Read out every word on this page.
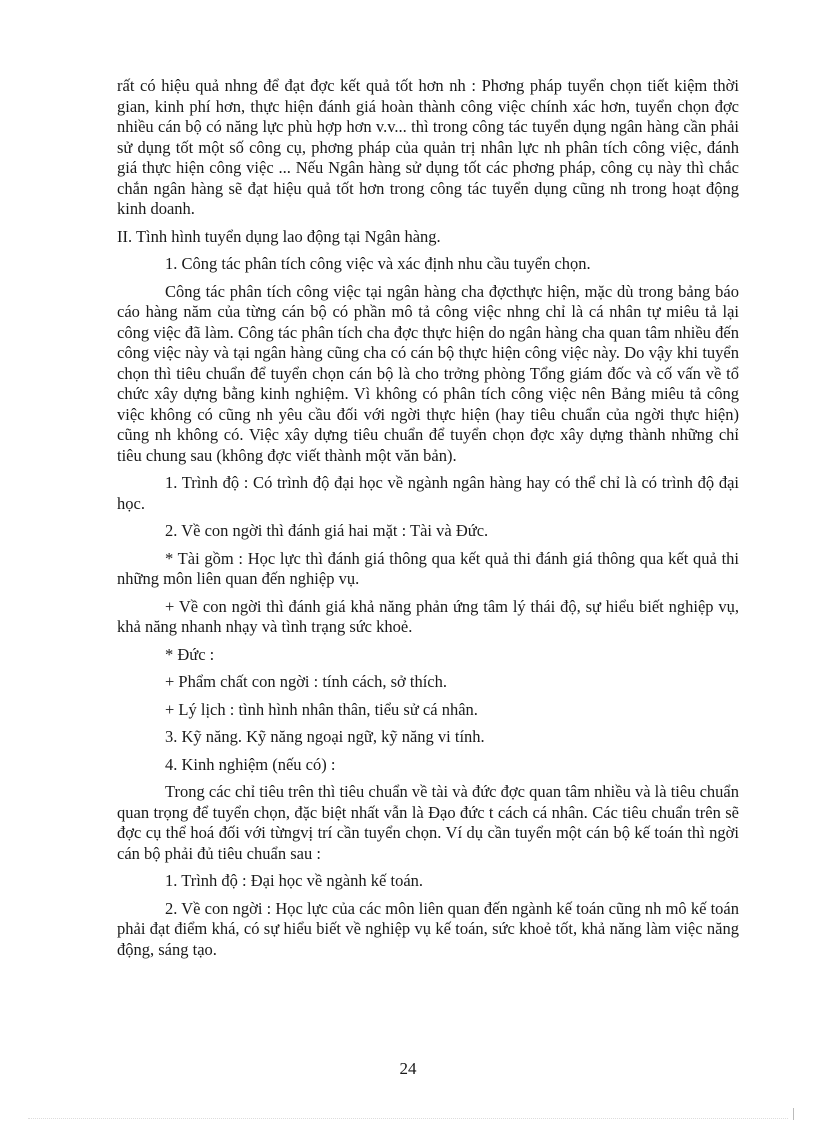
rất có hiệu quả nhng để đạt đợc kết quả tốt hơn nh : Phơng pháp tuyển chọn tiết kiệm thời gian, kinh phí hơn, thực hiện đánh giá hoàn thành công việc chính xác hơn, tuyển chọn đợc nhiều cán bộ có năng lực phù hợp hơn v.v... thì trong công tác tuyển dụng ngân hàng cần phải sử dụng tốt một số công cụ, phơng pháp của quản trị nhân lực nh phân tích công việc, đánh giá thực hiện công việc ... Nếu Ngân hàng sử dụng tốt các phơng pháp, công cụ này thì chắc chắn ngân hàng sẽ đạt hiệu quả tốt hơn trong công tác tuyển dụng cũng nh trong hoạt động kinh doanh.

II. Tình hình tuyển dụng lao động tại Ngân hàng.

1. Công tác phân tích công việc và xác định nhu cầu tuyển chọn.

Công tác phân tích công việc tại ngân hàng cha đợcthực hiện, mặc dù trong bảng báo cáo hàng năm của từng cán bộ có phần mô tả công việc nhng chỉ là cá nhân tự miêu tả lại công việc đã làm. Công tác phân tích cha đợc thực hiện do ngân hàng cha quan tâm nhiều đến công việc này và tại ngân hàng cũng cha có cán bộ thực hiện công việc này. Do vậy khi tuyển chọn thì tiêu chuẩn để tuyển chọn cán bộ là cho trởng phòng Tổng giám đốc và cố vấn về tổ chức xây dựng bằng kinh nghiệm. Vì không có phân tích công việc nên Bảng miêu tả công việc không có cũng nh yêu cầu đối với ngời thực hiện (hay tiêu chuẩn của ngời thực hiện) cũng nh không có. Việc xây dựng tiêu chuẩn để tuyển chọn đợc xây dựng thành những chỉ tiêu chung sau (không đợc viết thành một văn bản).

1. Trình độ : Có trình độ đại học về ngành ngân hàng hay có thể chỉ là có trình độ đại học.

2. Về con ngời thì đánh giá hai mặt : Tài và Đức.

* Tài gồm : Học lực thì đánh giá thông qua kết quả thi đánh giá thông qua kết quả thi những môn liên quan đến nghiệp vụ.

+ Về con ngời thì đánh giá khả năng phản ứng tâm lý thái độ, sự hiểu biết nghiệp vụ, khả năng nhanh nhạy và tình trạng sức khoẻ.

* Đức :

+ Phẩm chất con ngời : tính cách, sở thích.

+ Lý lịch : tình hình nhân thân, tiểu sử cá nhân.

3. Kỹ năng. Kỹ năng ngoại ngữ, kỹ năng vi tính.

4. Kinh nghiệm (nếu có) :

Trong các chỉ tiêu trên thì tiêu chuẩn về tài và đức đợc quan tâm nhiều và là tiêu chuẩn quan trọng để tuyển chọn, đặc biệt nhất vẫn là Đạo đức t cách cá nhân. Các tiêu chuẩn trên sẽ đợc cụ thể hoá đối với từngvị trí cần tuyển chọn. Ví dụ cần tuyển một cán bộ kế toán thì ngời cán bộ phải đủ tiêu chuẩn sau :

1. Trình độ : Đại học về ngành kế toán.

2. Về con ngời : Học lực của các môn liên quan đến ngành kế toán cũng nh mô kế toán phải đạt điểm khá, có sự hiểu biết về nghiệp vụ kế toán, sức khoẻ tốt, khả năng làm việc năng động, sáng tạo.

24
